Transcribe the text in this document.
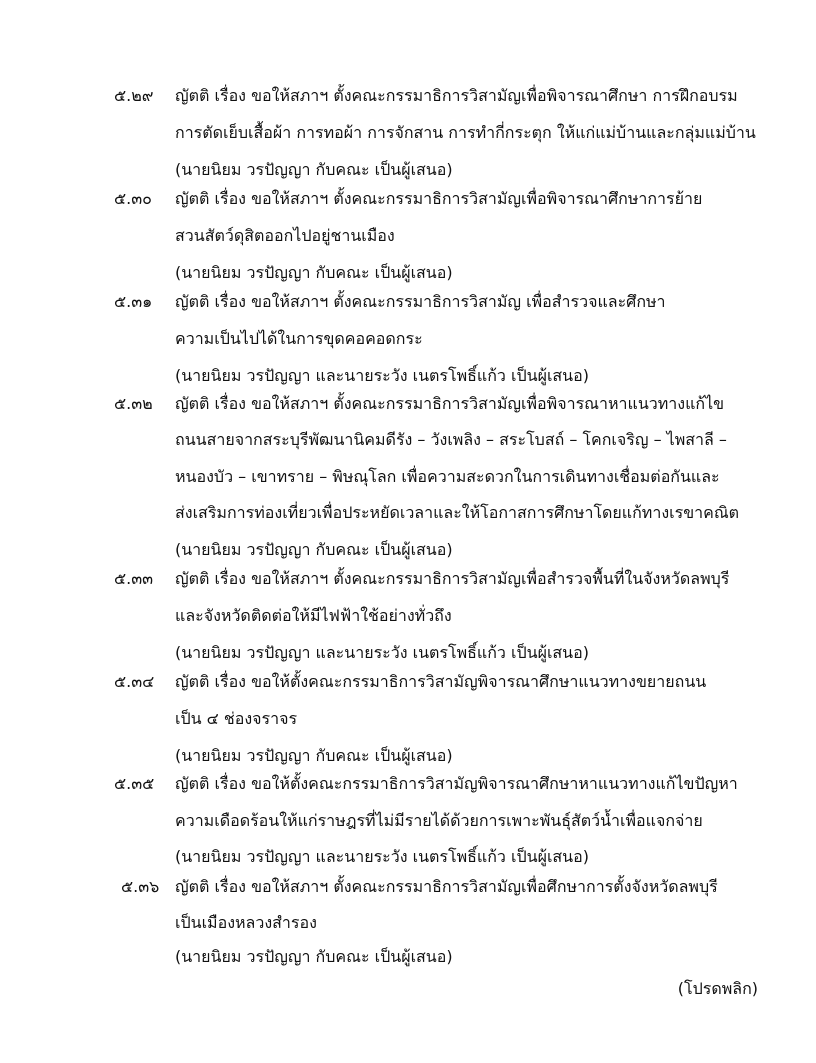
๕.๒๙ ญัตติ เรื่อง ขอให้สภาฯ ตั้งคณะกรรมาธิการวิสามัญเพื่อพิจารณาศึกษา การฝึกอบรม
การตัดเย็บเสื้อผ้า การทอผ้า การจักสาน การทำกี่กระตุก ให้แก่แม่บ้านและกลุ่มแม่บ้าน
(นายนิยม วรปัญญา กับคณะ เป็นผู้เสนอ)
๕.๓๐ ญัตติ เรื่อง ขอให้สภาฯ ตั้งคณะกรรมาธิการวิสามัญเพื่อพิจารณาศึกษาการย้าย
สวนสัตว์ดุสิตออกไปอยู่ชานเมือง
(นายนิยม วรปัญญา กับคณะ เป็นผู้เสนอ)
๕.๓๑ ญัตติ เรื่อง ขอให้สภาฯ ตั้งคณะกรรมาธิการวิสามัญ เพื่อสำรวจและศึกษา
ความเป็นไปได้ในการขุดคอคอดกระ
(นายนิยม วรปัญญา และนายระวัง เนตรโพธิ์แก้ว เป็นผู้เสนอ)
๕.๓๒ ญัตติ เรื่อง ขอให้สภาฯ ตั้งคณะกรรมาธิการวิสามัญเพื่อพิจารณาหาแนวทางแก้ไข
ถนนสายจากสระบุรีพัฒนานิคมดีรัง – วังเพลิง – สระโบสถ์ – โคกเจริญ – ไพสาลี –
หนองบัว – เขาทราย – พิษณุโลก เพื่อความสะดวกในการเดินทางเชื่อมต่อกันและ
ส่งเสริมการท่องเที่ยวเพื่อประหยัดเวลาและให้โอกาสการศึกษาโดยแก้ทางเรขาคณิต
(นายนิยม วรปัญญา กับคณะ เป็นผู้เสนอ)
๕.๓๓ ญัตติ เรื่อง ขอให้สภาฯ ตั้งคณะกรรมาธิการวิสามัญเพื่อสำรวจพื้นที่ในจังหวัดลพบุรี
และจังหวัดติดต่อให้มีไฟฟ้าใช้อย่างทั่วถึง
(นายนิยม วรปัญญา และนายระวัง เนตรโพธิ์แก้ว เป็นผู้เสนอ)
๕.๓๔ ญัตติ เรื่อง ขอให้ตั้งคณะกรรมาธิการวิสามัญพิจารณาศึกษาแนวทางขยายถนน
เป็น ๔ ช่องจราจร
(นายนิยม วรปัญญา กับคณะ เป็นผู้เสนอ)
๕.๓๕ ญัตติ เรื่อง ขอให้ตั้งคณะกรรมาธิการวิสามัญพิจารณาศึกษาหาแนวทางแก้ไขปัญหา
ความเดือดร้อนให้แก่ราษฎรที่ไม่มีรายได้ด้วยการเพาะพันธุ์สัตว์น้ำเพื่อแจกจ่าย
(นายนิยม วรปัญญา และนายระวัง เนตรโพธิ์แก้ว เป็นผู้เสนอ)
๕.๓๖ ญัตติ เรื่อง ขอให้สภาฯ ตั้งคณะกรรมาธิการวิสามัญเพื่อศึกษาการตั้งจังหวัดลพบุรี
เป็นเมืองหลวงสำรอง
(นายนิยม วรปัญญา กับคณะ เป็นผู้เสนอ)
(โปรดพลิก)
